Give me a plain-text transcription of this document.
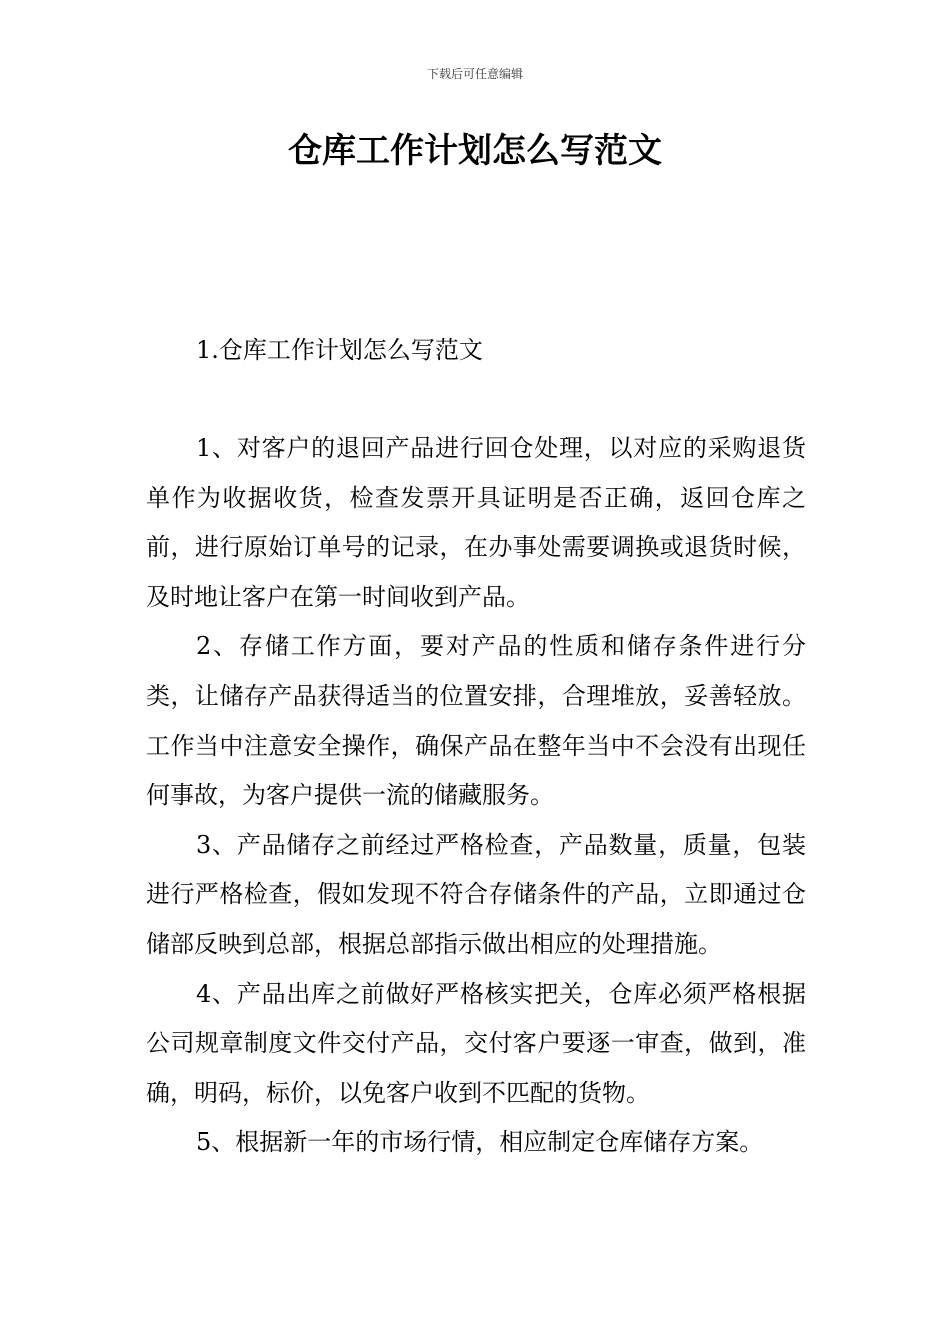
下载后可任意编辑
仓库工作计划怎么写范文
1.仓库工作计划怎么写范文

1、对客户的退回产品进行回仓处理，以对应的采购退货单作为收据收货，检查发票开具证明是否正确，返回仓库之前，进行原始订单号的记录，在办事处需要调换或退货时候，及时地让客户在第一时间收到产品。

2、存储工作方面，要对产品的性质和储存条件进行分类，让储存产品获得适当的位置安排，合理堆放，妥善轻放。工作当中注意安全操作，确保产品在整年当中不会没有出现任何事故，为客户提供一流的储藏服务。

3、产品储存之前经过严格检查，产品数量，质量，包装进行严格检查，假如发现不符合存储条件的产品，立即通过仓储部反映到总部，根据总部指示做出相应的处理措施。

4、产品出库之前做好严格核实把关，仓库必须严格根据公司规章制度文件交付产品，交付客户要逐一审查，做到，准确，明码，标价，以免客户收到不匹配的货物。

5、根据新一年的市场行情，相应制定仓库储存方案。
